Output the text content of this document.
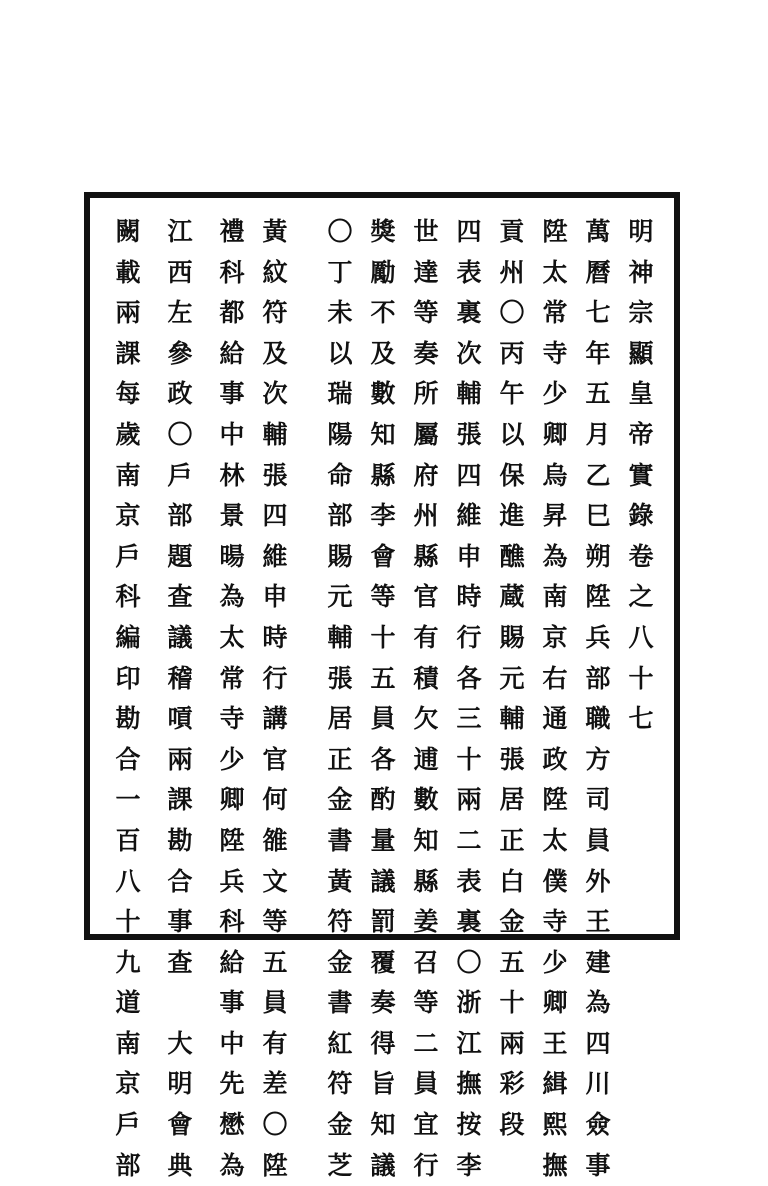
明
神
宗
顯
皇
帝
實
錄
卷
之
八
十
七
萬
曆
七
年
五
月
乙
巳
朔
陞
兵
部
職
方
司
員
外
王
建
為
四
川
僉
事
陞
太
常
寺
少
卿
烏
昇
為
南
京
右
通
政
陞
太
僕
寺
少
卿
王
緝
熙
撫
貢
州
〇
丙
午
以
保
進
醮
蔵
賜
元
輔
張
居
正
白
金
五
十
兩
彩
段
四
表
裏
次
輔
張
四
維
申
時
行
各
三
十
兩
二
表
裏
〇
浙
江
撫
按
李
世
達
等
奏
所
屬
府
州
縣
官
有
積
欠
逋
數
知
縣
姜
召
等
二
員
宜
行
獎
勵
不
及
數
知
縣
李
會
等
十
五
員
各
酌
量
議
罰
覆
奏
得
旨
知
議
〇
丁
未
以
瑞
陽
命
部
賜
元
輔
張
居
正
金
書
黃
符
金
書
紅
符
金
芝
黃
紋
符
及
次
輔
張
四
維
申
時
行
講
官
何
雒
文
等
五
員
有
差
〇
陞
禮
科
都
給
事
中
林
景
暘
為
太
常
寺
少
卿
陞
兵
科
給
事
中
先
懋
為
江
西
左
參
政
〇
戶
部
題
查
議
稽
嗊
兩
課
勘
合
事
查

大
明
會
典
闕
載
兩
課
每
歲
南
京
戶
科
編
印
勘
合
一
百
八
十
九
道
南
京
戶
部
